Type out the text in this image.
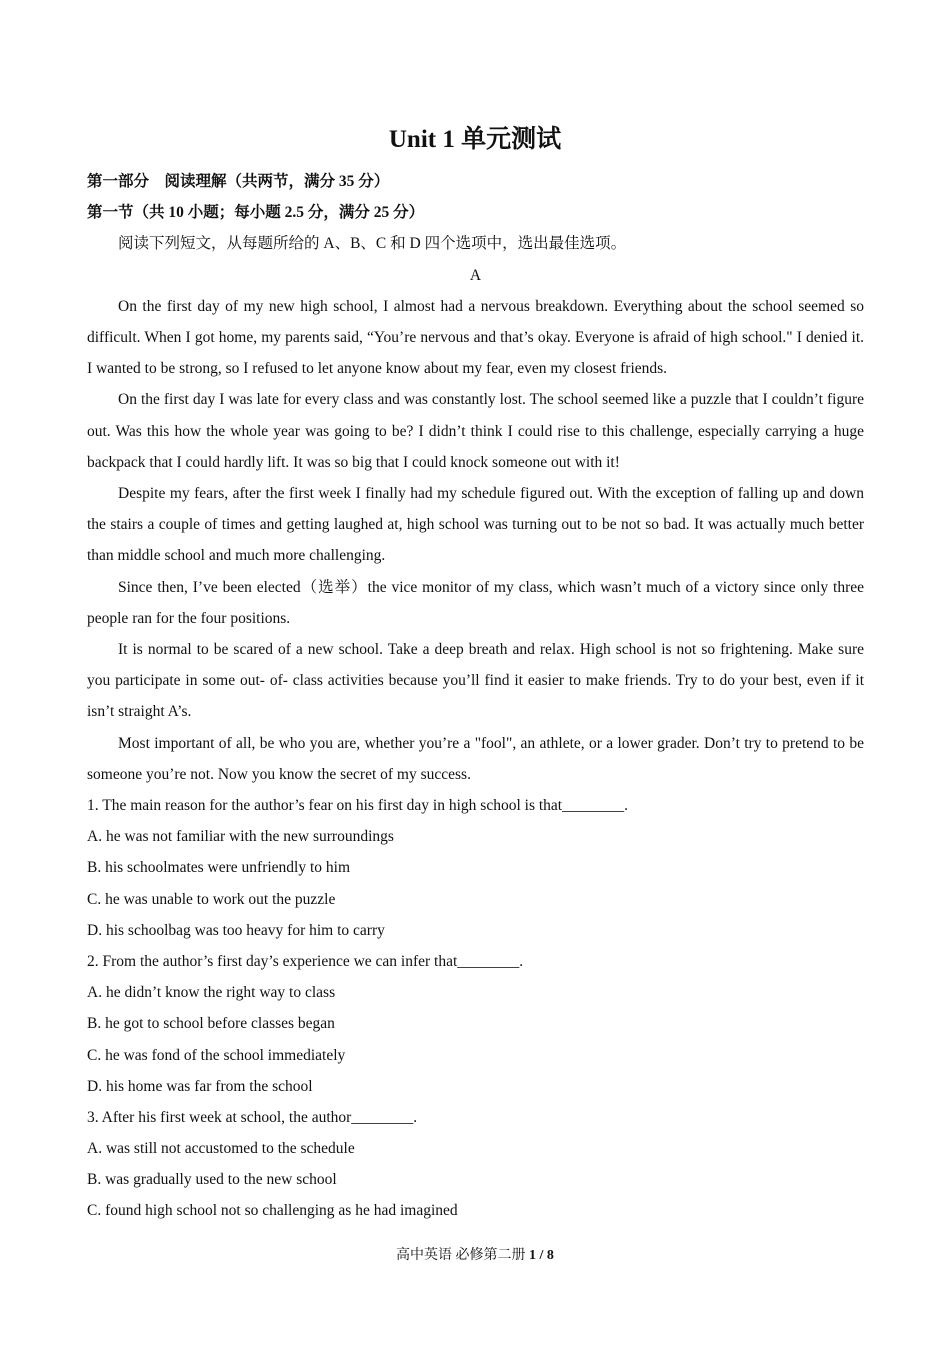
Unit 1 单元测试
第一部分　阅读理解（共两节，满分 35 分）
第一节（共 10 小题；每小题 2.5 分，满分 25 分）
阅读下列短文，从每题所给的 A、B、C 和 D 四个选项中，选出最佳选项。
A

On the first day of my new high school, I almost had a nervous breakdown. Everything about the school seemed so difficult. When I got home, my parents said, “You’re nervous and that’s okay. Everyone is afraid of high school." I denied it. I wanted to be strong, so I refused to let anyone know about my fear, even my closest friends.

On the first day I was late for every class and was constantly lost. The school seemed like a puzzle that I couldn’t figure out. Was this how the whole year was going to be? I didn’t think I could rise to this challenge, especially carrying a huge backpack that I could hardly lift. It was so big that I could knock someone out with it!

Despite my fears, after the first week I finally had my schedule figured out. With the exception of falling up and down the stairs a couple of times and getting laughed at, high school was turning out to be not so bad. It was actually much better than middle school and much more challenging.

Since then, I’ve been elected（选举）the vice monitor of my class, which wasn’t much of a victory since only three people ran for the four positions.

It is normal to be scared of a new school. Take a deep breath and relax. High school is not so frightening. Make sure you participate in some out- of- class activities because you’ll find it easier to make friends. Try to do your best, even if it isn’t straight A’s.

Most important of all, be who you are, whether you’re a "fool", an athlete, or a lower grader. Don’t try to pretend to be someone you’re not. Now you know the secret of my success.

1. The main reason for the author’s fear on his first day in high school is that________.
A. he was not familiar with the new surroundings
B. his schoolmates were unfriendly to him
C. he was unable to work out the puzzle
D. his schoolbag was too heavy for him to carry
2. From the author’s first day’s experience we can infer that________.
A. he didn’t know the right way to class
B. he got to school before classes began
C. he was fond of the school immediately
D. his home was far from the school
3. After his first week at school, the author________.
A. was still not accustomed to the schedule
B. was gradually used to the new school
C. found high school not so challenging as he had imagined
高中英语 必修第二册 1 / 8
